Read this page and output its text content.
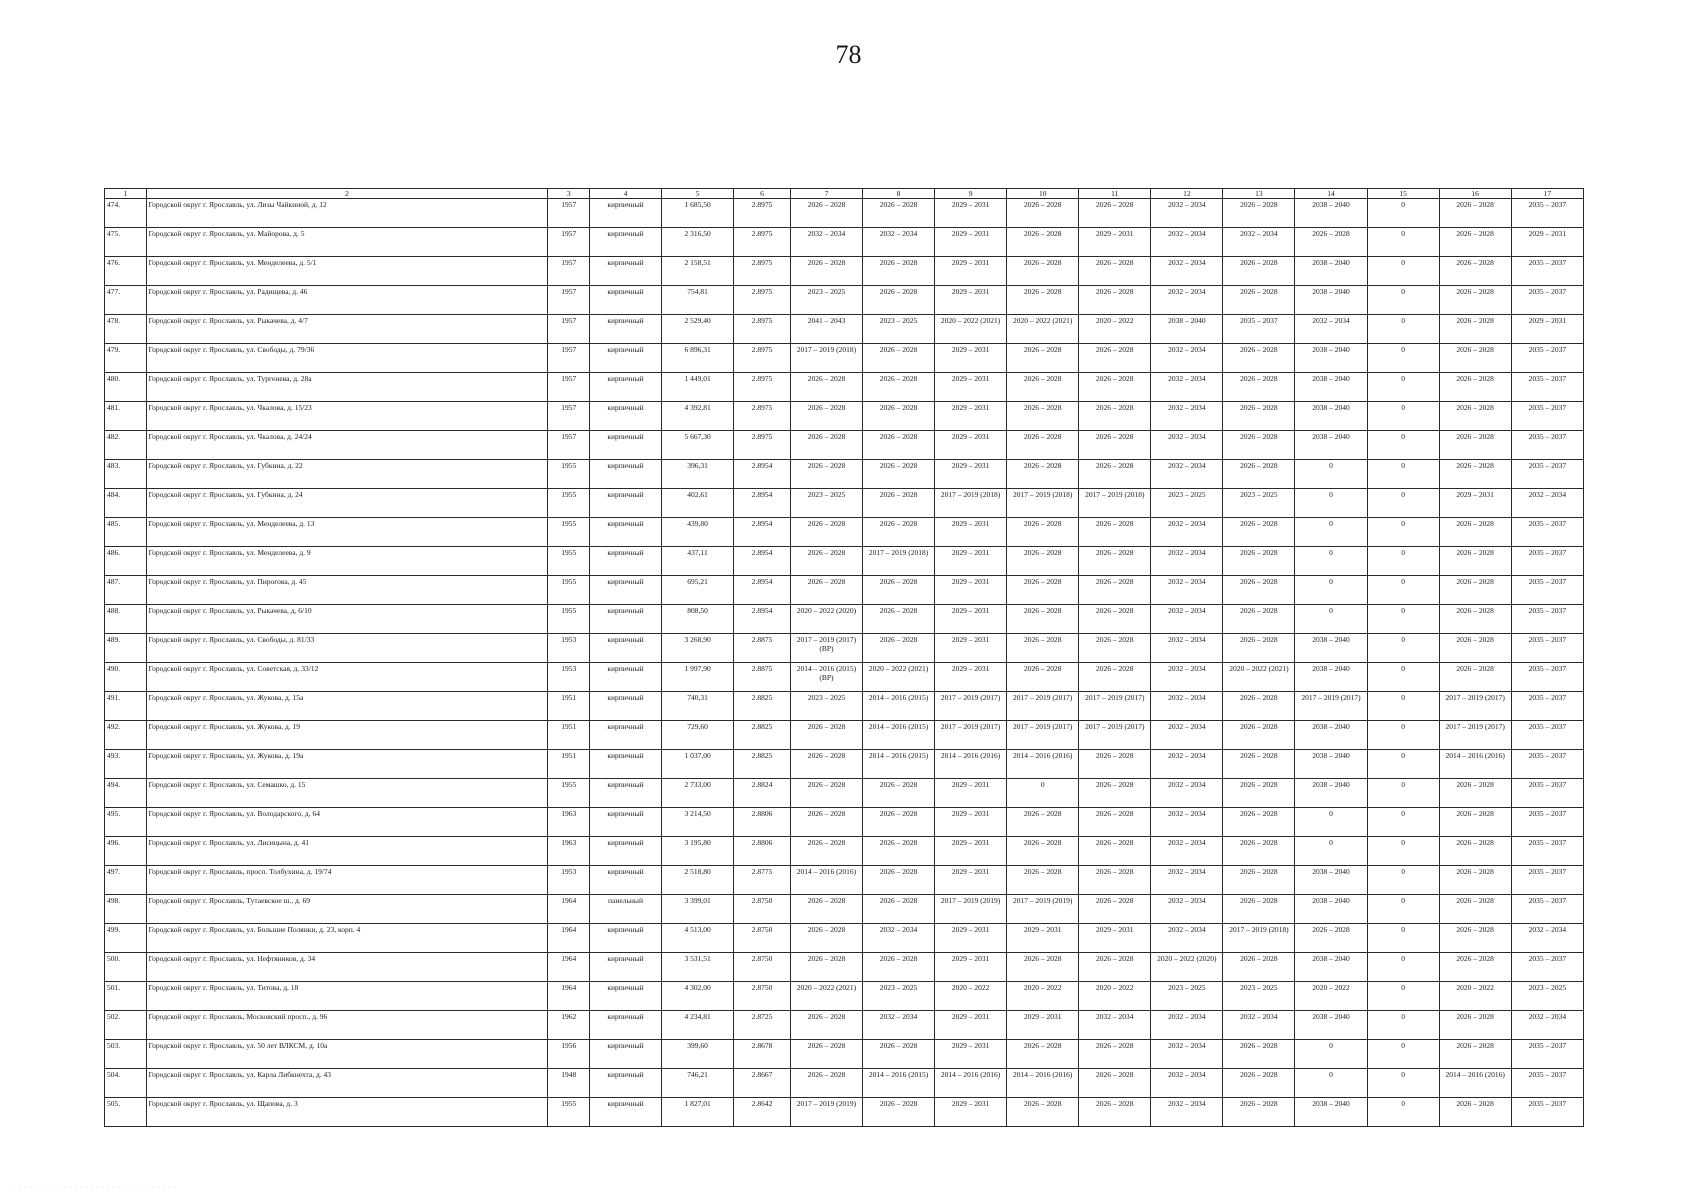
78
1	2	3	4	5	6	7	8	9	10	11	12	13	14	15	16	17
474.	Городской округ г. Ярославль, ул. Лизы Чайкиной, д. 12	1957	кирпичный	1 685,50	2.8975	2026 – 2028	2026 – 2028	2029 – 2031	2026 – 2028	2026 – 2028	2032 – 2034	2026 – 2028	2038 – 2040	0	2026 – 2028	2035 – 2037
475.	Городской округ г. Ярославль, ул. Майорова, д. 5	1957	кирпичный	2 316,50	2.8975	2032 – 2034	2032 – 2034	2029 – 2031	2026 – 2028	2029 – 2031	2032 – 2034	2032 – 2034	2026 – 2028	0	2026 – 2028	2029 – 2031
476.	Городской округ г. Ярославль, ул. Менделеева, д. 5/1	1957	кирпичный	2 158,51	2.8975	2026 – 2028	2026 – 2028	2029 – 2031	2026 – 2028	2026 – 2028	2032 – 2034	2026 – 2028	2038 – 2040	0	2026 – 2028	2035 – 2037
477.	Городской округ г. Ярославль, ул. Радищева, д. 46	1957	кирпичный	754,81	2.8975	2023 – 2025	2026 – 2028	2029 – 2031	2026 – 2028	2026 – 2028	2032 – 2034	2026 – 2028	2038 – 2040	0	2026 – 2028	2035 – 2037
478.	Городской округ г. Ярославль, ул. Рыкачева, д. 4/7	1957	кирпичный	2 529,40	2.8975	2041 – 2043	2023 – 2025	2020 – 2022 (2021)	2020 – 2022 (2021)	2020 – 2022	2038 – 2040	2035 – 2037	2032 – 2034	0	2026 – 2028	2029 – 2031
479.	Городской округ г. Ярославль, ул. Свободы, д. 79/36	1957	кирпичный	6 896,31	2.8975	2017 – 2019 (2018)	2026 – 2028	2029 – 2031	2026 – 2028	2026 – 2028	2032 – 2034	2026 – 2028	2038 – 2040	0	2026 – 2028	2035 – 2037
480.	Городской округ г. Ярославль, ул. Тургенева, д. 28а	1957	кирпичный	1 449,01	2.8975	2026 – 2028	2026 – 2028	2029 – 2031	2026 – 2028	2026 – 2028	2032 – 2034	2026 – 2028	2038 – 2040	0	2026 – 2028	2035 – 2037
481.	Городской округ г. Ярославль, ул. Чкалова, д. 15/23	1957	кирпичный	4 392,81	2.8975	2026 – 2028	2026 – 2028	2029 – 2031	2026 – 2028	2026 – 2028	2032 – 2034	2026 – 2028	2038 – 2040	0	2026 – 2028	2035 – 2037
482.	Городской округ г. Ярославль, ул. Чкалова, д. 24/24	1957	кирпичный	5 667,30	2.8975	2026 – 2028	2026 – 2028	2029 – 2031	2026 – 2028	2026 – 2028	2032 – 2034	2026 – 2028	2038 – 2040	0	2026 – 2028	2035 – 2037
483.	Городской округ г. Ярославль, ул. Губкина, д. 22	1955	кирпичный	396,31	2.8954	2026 – 2028	2026 – 2028	2029 – 2031	2026 – 2028	2026 – 2028	2032 – 2034	2026 – 2028	0	0	2026 – 2028	2035 – 2037
484.	Городской округ г. Ярославль, ул. Губкина, д. 24	1955	кирпичный	402,61	2.8954	2023 – 2025	2026 – 2028	2017 – 2019 (2018)	2017 – 2019 (2018)	2017 – 2019 (2018)	2023 – 2025	2023 – 2025	0	0	2029 – 2031	2032 – 2034
485.	Городской округ г. Ярославль, ул. Менделеева, д. 13	1955	кирпичный	439,80	2.8954	2026 – 2028	2026 – 2028	2029 – 2031	2026 – 2028	2026 – 2028	2032 – 2034	2026 – 2028	0	0	2026 – 2028	2035 – 2037
486.	Городской округ г. Ярославль, ул. Менделеева, д. 9	1955	кирпичный	437,11	2.8954	2026 – 2028	2017 – 2019 (2018)	2029 – 2031	2026 – 2028	2026 – 2028	2032 – 2034	2026 – 2028	0	0	2026 – 2028	2035 – 2037
487.	Городской округ г. Ярославль, ул. Пирогова, д. 45	1955	кирпичный	695,21	2.8954	2026 – 2028	2026 – 2028	2029 – 2031	2026 – 2028	2026 – 2028	2032 – 2034	2026 – 2028	0	0	2026 – 2028	2035 – 2037
488.	Городской округ г. Ярославль, ул. Рыкачева, д. 6/10	1955	кирпичный	808,50	2.8954	2020 – 2022 (2020)	2026 – 2028	2029 – 2031	2026 – 2028	2026 – 2028	2032 – 2034	2026 – 2028	0	0	2026 – 2028	2035 – 2037
489.	Городской округ г. Ярославль, ул. Свободы, д. 81/33	1953	кирпичный	3 268,90	2.8875	2017 – 2019 (2017) (ВР)	2026 – 2028	2029 – 2031	2026 – 2028	2026 – 2028	2032 – 2034	2026 – 2028	2038 – 2040	0	2026 – 2028	2035 – 2037
490.	Городской округ г. Ярославль, ул. Советская, д. 33/12	1953	кирпичный	1 997,90	2.8875	2014 – 2016 (2015) (ВР)	2020 – 2022 (2021)	2029 – 2031	2026 – 2028	2026 – 2028	2032 – 2034	2020 – 2022 (2021)	2038 – 2040	0	2026 – 2028	2035 – 2037
491.	Городской округ г. Ярославль, ул. Жукова, д. 15а	1951	кирпичный	740,31	2.8825	2023 – 2025	2014 – 2016 (2015)	2017 – 2019 (2017)	2017 – 2019 (2017)	2017 – 2019 (2017)	2032 – 2034	2026 – 2028	2017 – 2019 (2017)	0	2017 – 2019 (2017)	2035 – 2037
492.	Городской округ г. Ярославль, ул. Жукова, д. 19	1951	кирпичный	729,60	2.8825	2026 – 2028	2014 – 2016 (2015)	2017 – 2019 (2017)	2017 – 2019 (2017)	2017 – 2019 (2017)	2032 – 2034	2026 – 2028	2038 – 2040	0	2017 – 2019 (2017)	2035 – 2037
493.	Городской округ г. Ярославль, ул. Жукова, д. 19а	1951	кирпичный	1 037,00	2.8825	2026 – 2028	2014 – 2016 (2015)	2014 – 2016 (2016)	2014 – 2016 (2016)	2026 – 2028	2032 – 2034	2026 – 2028	2038 – 2040	0	2014 – 2016 (2016)	2035 – 2037
494.	Городской округ г. Ярославль, ул. Семашко, д. 15	1955	кирпичный	2 733,00	2.8824	2026 – 2028	2026 – 2028	2029 – 2031	0	2026 – 2028	2032 – 2034	2026 – 2028	2038 – 2040	0	2026 – 2028	2035 – 2037
495.	Городской округ г. Ярославль, ул. Володарского, д. 64	1963	кирпичный	3 214,50	2.8806	2026 – 2028	2026 – 2028	2029 – 2031	2026 – 2028	2026 – 2028	2032 – 2034	2026 – 2028	0	0	2026 – 2028	2035 – 2037
496.	Городской округ г. Ярославль, ул. Лисицына, д. 41	1963	кирпичный	3 195,80	2.8806	2026 – 2028	2026 – 2028	2029 – 2031	2026 – 2028	2026 – 2028	2032 – 2034	2026 – 2028	0	0	2026 – 2028	2035 – 2037
497.	Городской округ г. Ярославль, просп. Толбухина, д. 19/74	1953	кирпичный	2 518,80	2.8775	2014 – 2016 (2016)	2026 – 2028	2029 – 2031	2026 – 2028	2026 – 2028	2032 – 2034	2026 – 2028	2038 – 2040	0	2026 – 2028	2035 – 2037
498.	Городской округ г. Ярославль, Тутаевское ш., д. 69	1964	панельный	3 399,01	2.8750	2026 – 2028	2026 – 2028	2017 – 2019 (2019)	2017 – 2019 (2019)	2026 – 2028	2032 – 2034	2026 – 2028	2038 – 2040	0	2026 – 2028	2035 – 2037
499.	Городской округ г. Ярославль, ул. Большие Полянки, д. 23, корп. 4	1964	кирпичный	4 513,00	2.8750	2026 – 2028	2032 – 2034	2029 – 2031	2029 – 2031	2029 – 2031	2032 – 2034	2017 – 2019 (2018)	2026 – 2028	0	2026 – 2028	2032 – 2034
500.	Городской округ г. Ярославль, ул. Нефтяников, д. 34	1964	кирпичный	3 531,51	2.8750	2026 – 2028	2026 – 2028	2029 – 2031	2026 – 2028	2026 – 2028	2020 – 2022 (2020)	2026 – 2028	2038 – 2040	0	2026 – 2028	2035 – 2037
501.	Городской округ г. Ярославль, ул. Титова, д. 18	1964	кирпичный	4 302,00	2.8750	2020 – 2022 (2021)	2023 – 2025	2020 – 2022	2020 – 2022	2020 – 2022	2023 – 2025	2023 – 2025	2020 – 2022	0	2020 – 2022	2023 – 2025
502.	Городской округ г. Ярославль, Московский просп., д. 96	1962	кирпичный	4 234,81	2.8725	2026 – 2028	2032 – 2034	2029 – 2031	2029 – 2031	2032 – 2034	2032 – 2034	2032 – 2034	2038 – 2040	0	2026 – 2028	2032 – 2034
503.	Городской округ г. Ярославль, ул. 50 лет ВЛКСМ, д. 10а	1956	кирпичный	399,60	2.8678	2026 – 2028	2026 – 2028	2029 – 2031	2026 – 2028	2026 – 2028	2032 – 2034	2026 – 2028	0	0	2026 – 2028	2035 – 2037
504.	Городской округ г. Ярославль, ул. Карла Либкнехта, д. 43	1948	кирпичный	746,21	2.8667	2026 – 2028	2014 – 2016 (2015)	2014 – 2016 (2016)	2014 – 2016 (2016)	2026 – 2028	2032 – 2034	2026 – 2028	0	0	2014 – 2016 (2016)	2035 – 2037
505.	Городской округ г. Ярославль, ул. Щапова, д. 3	1955	кирпичный	1 827,01	2.8642	2017 – 2019 (2019)	2026 – 2028	2029 – 2031	2026 – 2028	2026 – 2028	2032 – 2034	2026 – 2028	2038 – 2040	0	2026 – 2028	2035 – 2037
· · · · · · · · · · · · · · · · · · · · · · · · · · · · · ·
